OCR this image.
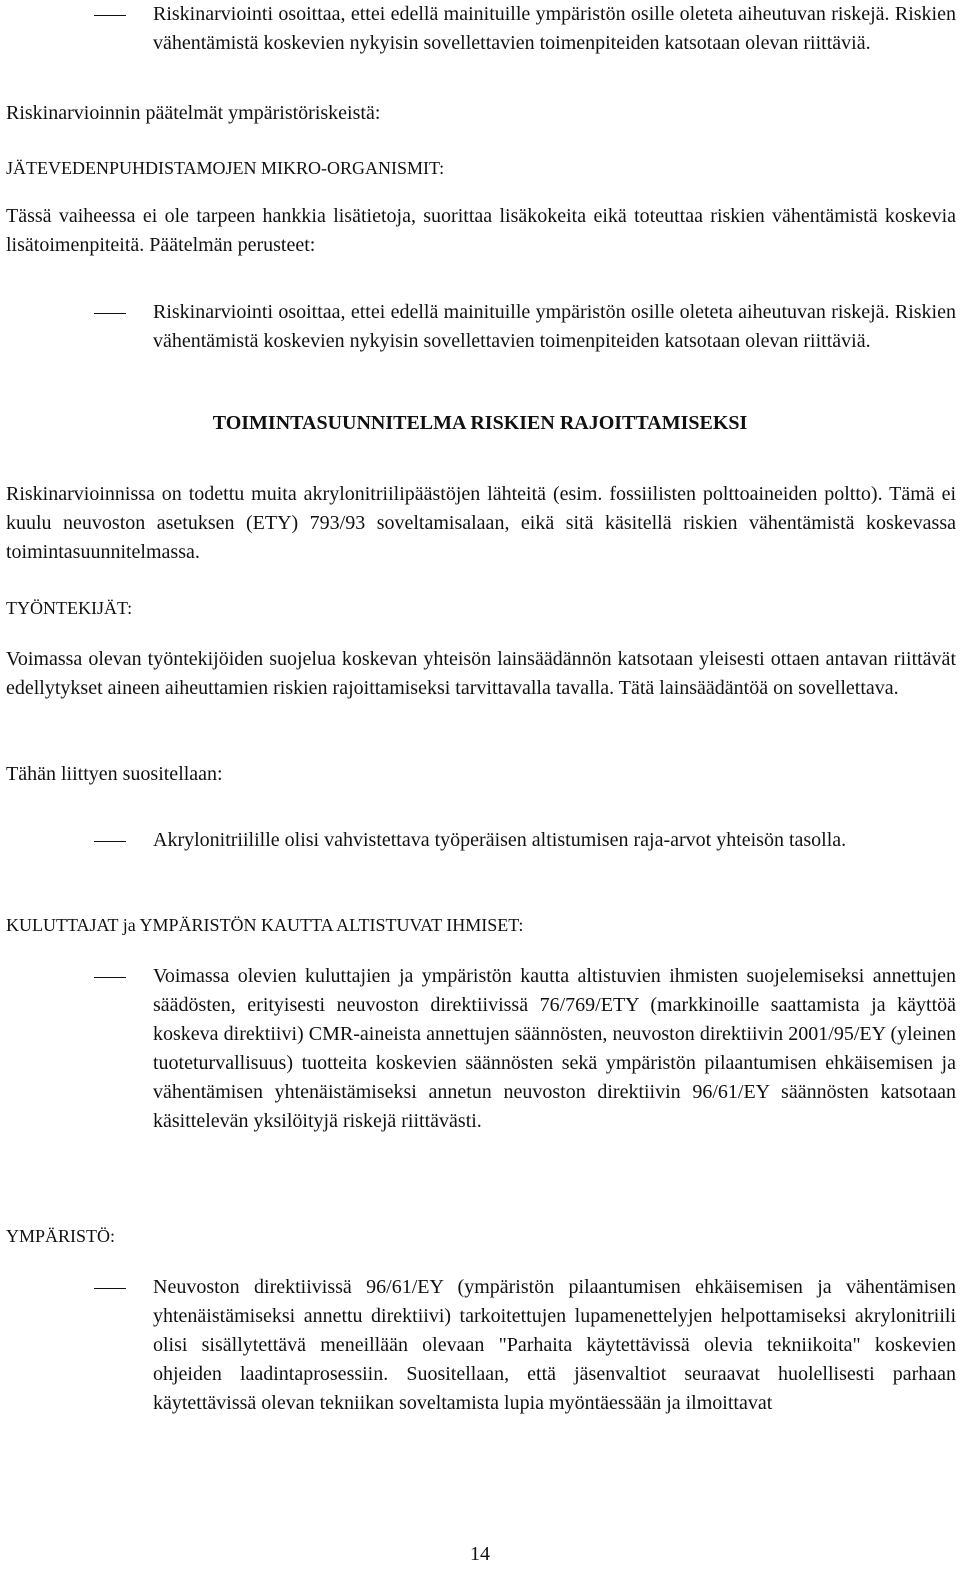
Riskinarviointi osoittaa, ettei edellä mainituille ympäristön osille oleteta aiheutuvan riskejä. Riskien vähentämistä koskevien nykyisin sovellettavien toimenpiteiden katsotaan olevan riittäviä.

Riskinarvioinnin päätelmät ympäristöriskeistä:

JÄTEVEDENPUHDISTAMOJEN MIKRO-ORGANISMIT:

Tässä vaiheessa ei ole tarpeen hankkia lisätietoja, suorittaa lisäkokeita eikä toteuttaa riskien vähentämistä koskevia lisätoimenpiteitä. Päätelmän perusteet:

Riskinarviointi osoittaa, ettei edellä mainituille ympäristön osille oleteta aiheutuvan riskejä. Riskien vähentämistä koskevien nykyisin sovellettavien toimenpiteiden katsotaan olevan riittäviä.

TOIMINTASUUNNITELMA RISKIEN RAJOITTAMISEKSI

Riskinarvioinnissa on todettu muita akrylonitriilipäästöjen lähteitä (esim. fossiilisten polttoaineiden poltto). Tämä ei kuulu neuvoston asetuksen (ETY) 793/93 soveltamisalaan, eikä sitä käsitellä riskien vähentämistä koskevassa toimintasuunnitelmassa.

TYÖNTEKIJÄT:

Voimassa olevan työntekijöiden suojelua koskevan yhteisön lainsäädännön katsotaan yleisesti ottaen antavan riittävät edellytykset aineen aiheuttamien riskien rajoittamiseksi tarvittavalla tavalla. Tätä lainsäädäntöä on sovellettava.

Tähän liittyen suositellaan:

Akrylonitriilille olisi vahvistettava työperäisen altistumisen raja-arvot yhteisön tasolla.

KULUTTAJAT ja YMPÄRISTÖN KAUTTA ALTISTUVAT IHMISET:

Voimassa olevien kuluttajien ja ympäristön kautta altistuvien ihmisten suojelemiseksi annettujen säädösten, erityisesti neuvoston direktiivissä 76/769/ETY (markkinoille saattamista ja käyttöä koskeva direktiivi) CMR-aineista annettujen säännösten, neuvoston direktiivin 2001/95/EY (yleinen tuoteturvallisuus) tuotteita koskevien säännösten sekä ympäristön pilaantumisen ehkäisemisen ja vähentämisen yhtenäistämiseksi annetun neuvoston direktiivin 96/61/EY säännösten katsotaan käsittelevän yksilöityjä riskejä riittävästi.

YMPÄRISTÖ:

Neuvoston direktiivissä 96/61/EY (ympäristön pilaantumisen ehkäisemisen ja vähentämisen yhtenäistämiseksi annettu direktiivi) tarkoitettujen lupamenettelyjen helpottamiseksi akrylonitriili olisi sisällytettävä meneillään olevaan "Parhaita käytettävissä olevia tekniikoita" koskevien ohjeiden laadintaprosessiin. Suositellaan, että jäsenvaltiot seuraavat huolellisesti parhaan käytettävissä olevan tekniikan soveltamista lupia myöntäessään ja ilmoittavat

14
